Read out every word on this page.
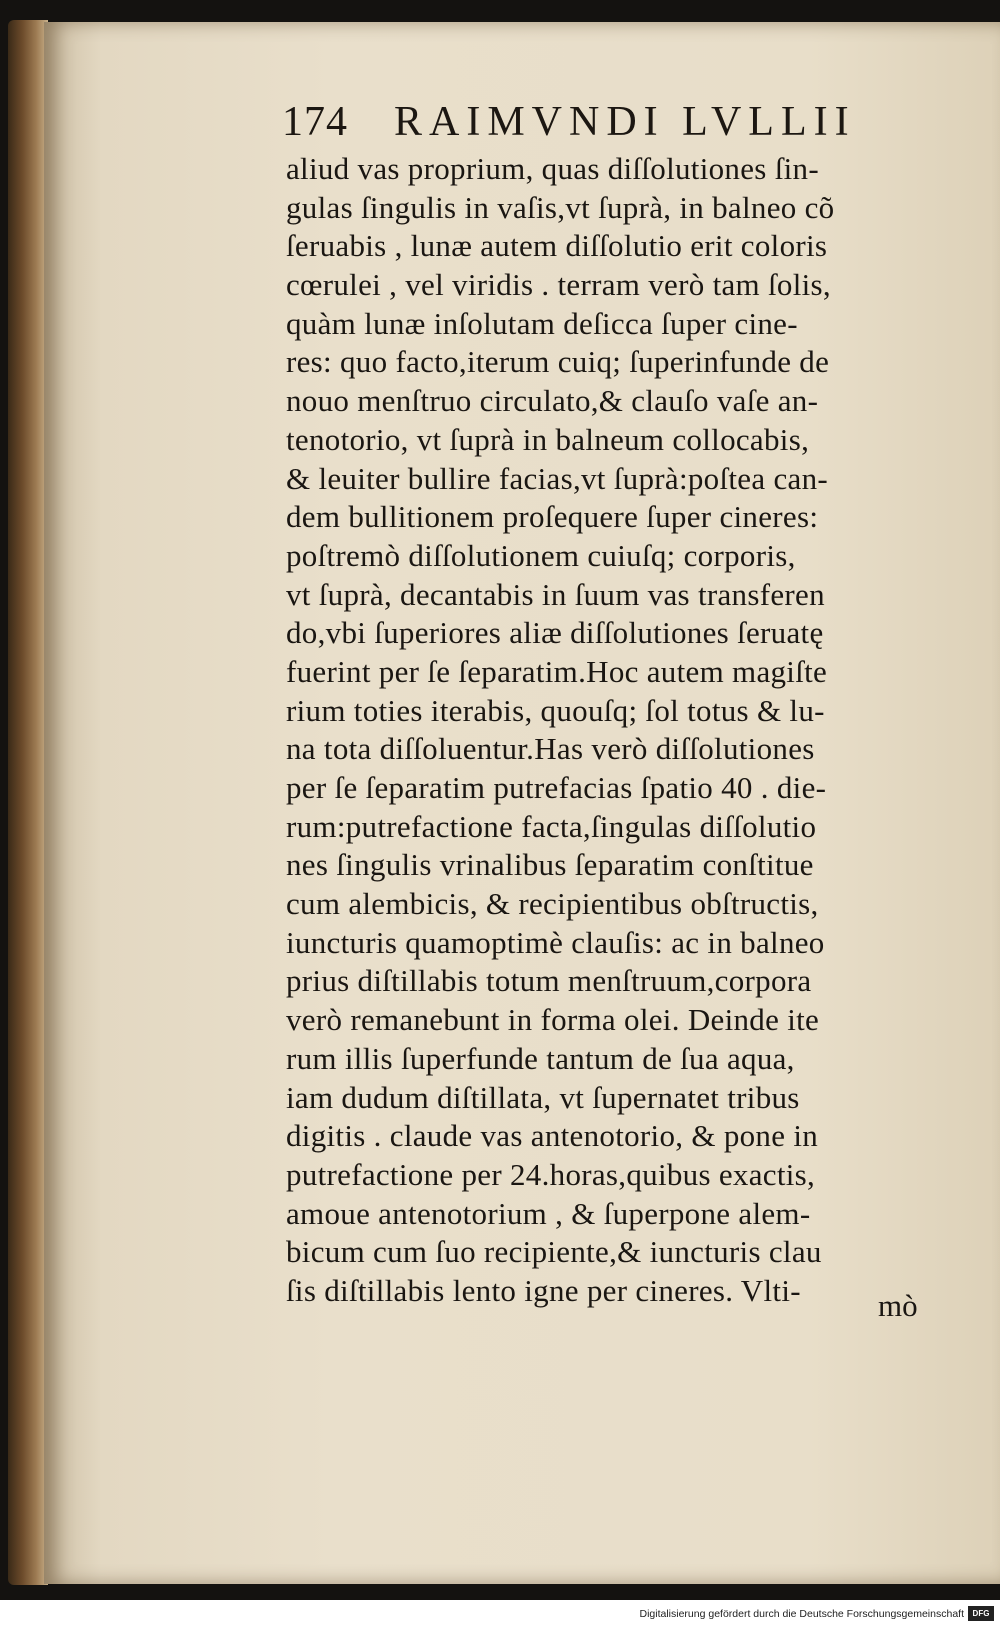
174 RAIMVNDI LVLLII
aliud vas proprium, quas diſſolutiones ſin-
gulas ſingulis in vaſis,vt ſuprà, in balneo cõ
ſeruabis , lunæ autem diſſolutio erit coloris
cœrulei , vel viridis . terram verò tam ſolis,
quàm lunæ inſolutam deſicca ſuper cine-
res: quo facto,iterum cuiq; ſuperinfunde de
nouo menſtruo circulato,& clauſo vaſe an-
tenotorio, vt ſuprà in balneum collocabis,
& leuiter bullire facias,vt ſuprà:poſtea can-
dem bullitionem proſequere ſuper cineres:
poſtremò diſſolutionem cuiuſq; corporis,
vt ſuprà, decantabis in ſuum vas transferen
do,vbi ſuperiores aliæ diſſolutiones ſeruatę
fuerint per ſe ſeparatim.Hoc autem magiſte
rium toties iterabis, quouſq; ſol totus & lu-
na tota diſſoluentur.Has verò diſſolutiones
per ſe ſeparatim putrefacias ſpatio 40 . die-
rum:putrefactione facta,ſingulas diſſolutio
nes ſingulis vrinalibus ſeparatim conſtitue
cum alembicis, & recipientibus obſtructis,
iuncturis quamoptimè clauſis: ac in balneo
prius diſtillabis totum menſtruum,corpora
verò remanebunt in forma olei. Deinde ite
rum illis ſuperfunde tantum de ſua aqua,
iam dudum diſtillata, vt ſupernatet tribus
digitis . claude vas antenotorio, & pone in
putrefactione per 24.horas,quibus exactis,
amoue antenotorium , & ſuperpone alem-
bicum cum ſuo recipiente,& iuncturis clau
ſis diſtillabis lento igne per cineres. Vlti-	mò
Digitalisierung gefördert durch die Deutsche Forschungsgemeinschaft	DFG
